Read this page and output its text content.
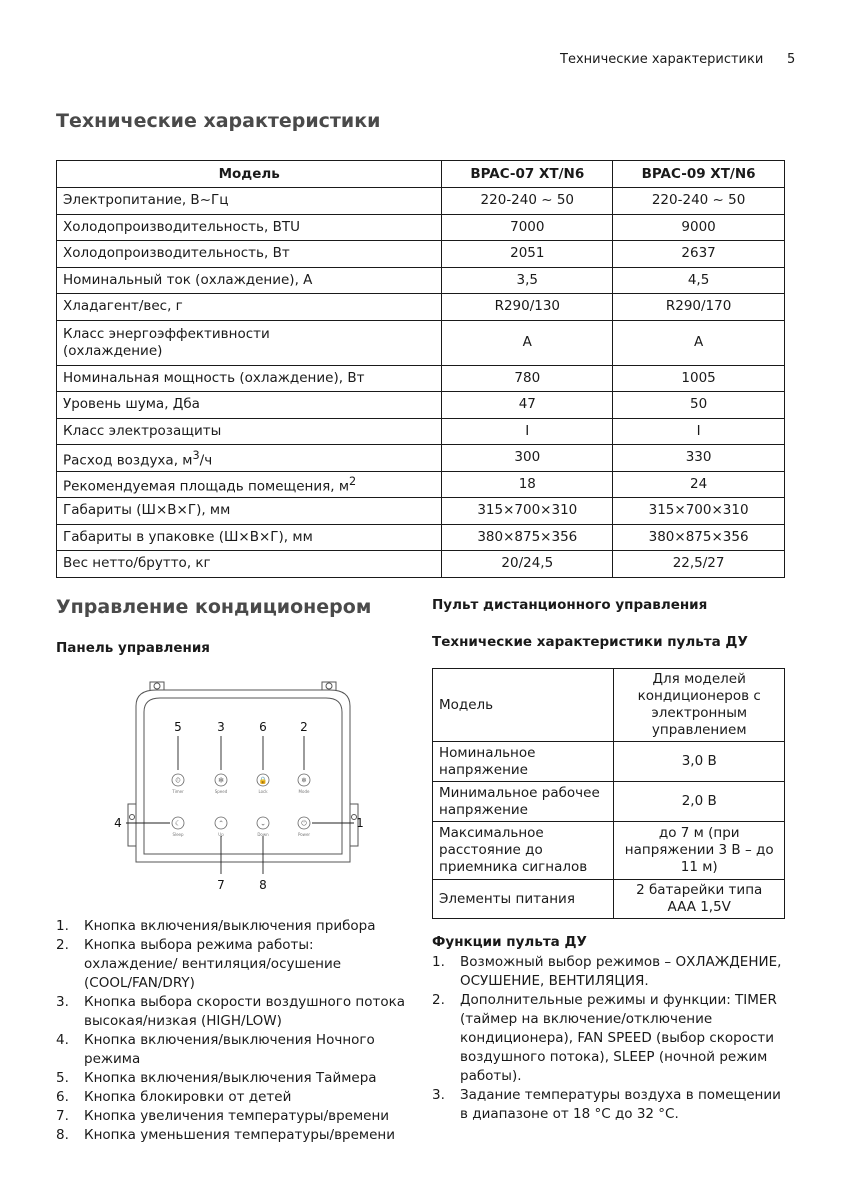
Технические характеристики 5
Технические характеристики
Модель	BPAC-07 XT/N6	BPAC-09 XT/N6
Электропитание, В~Гц	220-240 ~ 50	220-240 ~ 50
Холодопроизводительность, BTU	7000	9000
Холодопроизводительность, Вт	2051	2637
Номинальный ток (охлаждение), А	3,5	4,5
Хладагент/вес, г	R290/130	R290/170
Класс энергоэффективности
(охлаждение)	A	A
Номинальная мощность (охлаждение), Вт	780	1005
Уровень шума, Дба	47	50
Класс электрозащиты	I	I
Расход воздуха, $м^3/ч$	300	330
Рекомендуемая площадь помещения, $м^2$	18	24
Габариты (Ш×В×Г), мм	315×700×310	315×700×310
Габариты в упаковке (Ш×В×Г), мм	380×875×356	380×875×356
Вес нетто/брутто, кг	20/24,5	22,5/27
Управление кондиционером
Панель управления
⏲
Timer
5
✻
Speed
3
🔒
Lock
6
❄
Mode
2
☾
Sleep
4	⌃
Up
7
⌄
Down
8
⏻
Power
1
1. Кнопка включения/выключения прибора
2. Кнопка выбора режима работы: охлаждение/ вентиляция/осушение (COOL/FAN/DRY)
3. Кнопка выбора скорости воздушного потока высокая/низкая (HIGH/LOW)
4. Кнопка включения/выключения Ночного режима
5. Кнопка включения/выключения Таймера
6. Кнопка блокировки от детей
7. Кнопка увеличения температуры/времени
8. Кнопка уменьшения температуры/времени
Пульт дистанционного управления
Технические характеристики пульта ДУ
Модель	Для моделей кондиционеров с электронным управлением
Номинальное напряжение	3,0 В
Минимальное рабочее напряжение	2,0 В
Максимальное расстояние до приемника сигналов	до 7 м (при напряжении 3 В – до 11 м)
Элементы питания	2 батарейки типа AAA 1,5V
Функции пульта ДУ
1. Возможный выбор режимов – ОХЛАЖДЕНИЕ, ОСУШЕНИЕ, ВЕНТИЛЯЦИЯ.
2. Дополнительные режимы и функции: TIMER (таймер на включение/отключение кондиционера), FAN SPEED (выбор скорости воздушного потока), SLEEP (ночной режим работы).
3. Задание температуры воздуха в помещении в диапазоне от 18 °С до 32 °С.
